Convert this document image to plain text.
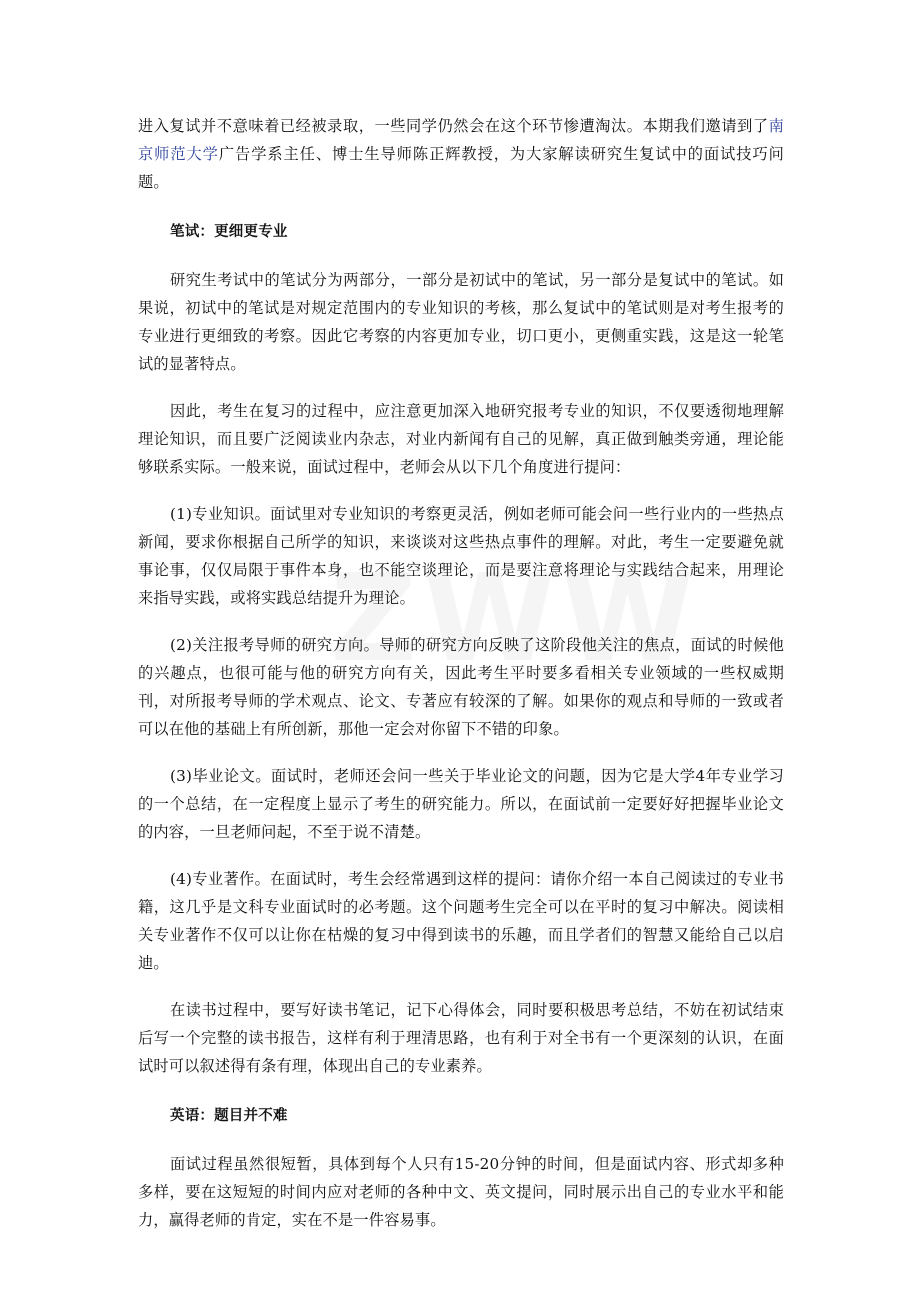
进入复试并不意味着已经被录取，一些同学仍然会在这个环节惨遭淘汰。本期我们邀请到了南京师范大学广告学系主任、博士生导师陈正辉教授，为大家解读研究生复试中的面试技巧问题。

笔试：更细更专业

研究生考试中的笔试分为两部分，一部分是初试中的笔试，另一部分是复试中的笔试。如果说，初试中的笔试是对规定范围内的专业知识的考核，那么复试中的笔试则是对考生报考的专业进行更细致的考察。因此它考察的内容更加专业，切口更小，更侧重实践，这是这一轮笔试的显著特点。

因此，考生在复习的过程中，应注意更加深入地研究报考专业的知识，不仅要透彻地理解理论知识，而且要广泛阅读业内杂志，对业内新闻有自己的见解，真正做到触类旁通，理论能够联系实际。一般来说，面试过程中，老师会从以下几个角度进行提问：

(1)专业知识。面试里对专业知识的考察更灵活，例如老师可能会问一些行业内的一些热点新闻，要求你根据自己所学的知识，来谈谈对这些热点事件的理解。对此，考生一定要避免就事论事，仅仅局限于事件本身，也不能空谈理论，而是要注意将理论与实践结合起来，用理论来指导实践，或将实践总结提升为理论。

(2)关注报考导师的研究方向。导师的研究方向反映了这阶段他关注的焦点，面试的时候他的兴趣点，也很可能与他的研究方向有关，因此考生平时要多看相关专业领域的一些权威期刊，对所报考导师的学术观点、论文、专著应有较深的了解。如果你的观点和导师的一致或者可以在他的基础上有所创新，那他一定会对你留下不错的印象。

(3)毕业论文。面试时，老师还会问一些关于毕业论文的问题，因为它是大学4年专业学习的一个总结，在一定程度上显示了考生的研究能力。所以，在面试前一定要好好把握毕业论文的内容，一旦老师问起，不至于说不清楚。

(4)专业著作。在面试时，考生会经常遇到这样的提问：请你介绍一本自己阅读过的专业书籍，这几乎是文科专业面试时的必考题。这个问题考生完全可以在平时的复习中解决。阅读相关专业著作不仅可以让你在枯燥的复习中得到读书的乐趣，而且学者们的智慧又能给自己以启迪。

在读书过程中，要写好读书笔记，记下心得体会，同时要积极思考总结，不妨在初试结束后写一个完整的读书报告，这样有利于理清思路，也有利于对全书有一个更深刻的认识，在面试时可以叙述得有条有理，体现出自己的专业素养。

英语：题目并不难

面试过程虽然很短暂，具体到每个人只有15-20分钟的时间，但是面试内容、形式却多种多样，要在这短短的时间内应对老师的各种中文、英文提问，同时展示出自己的专业水平和能力，赢得老师的肯定，实在不是一件容易事。
